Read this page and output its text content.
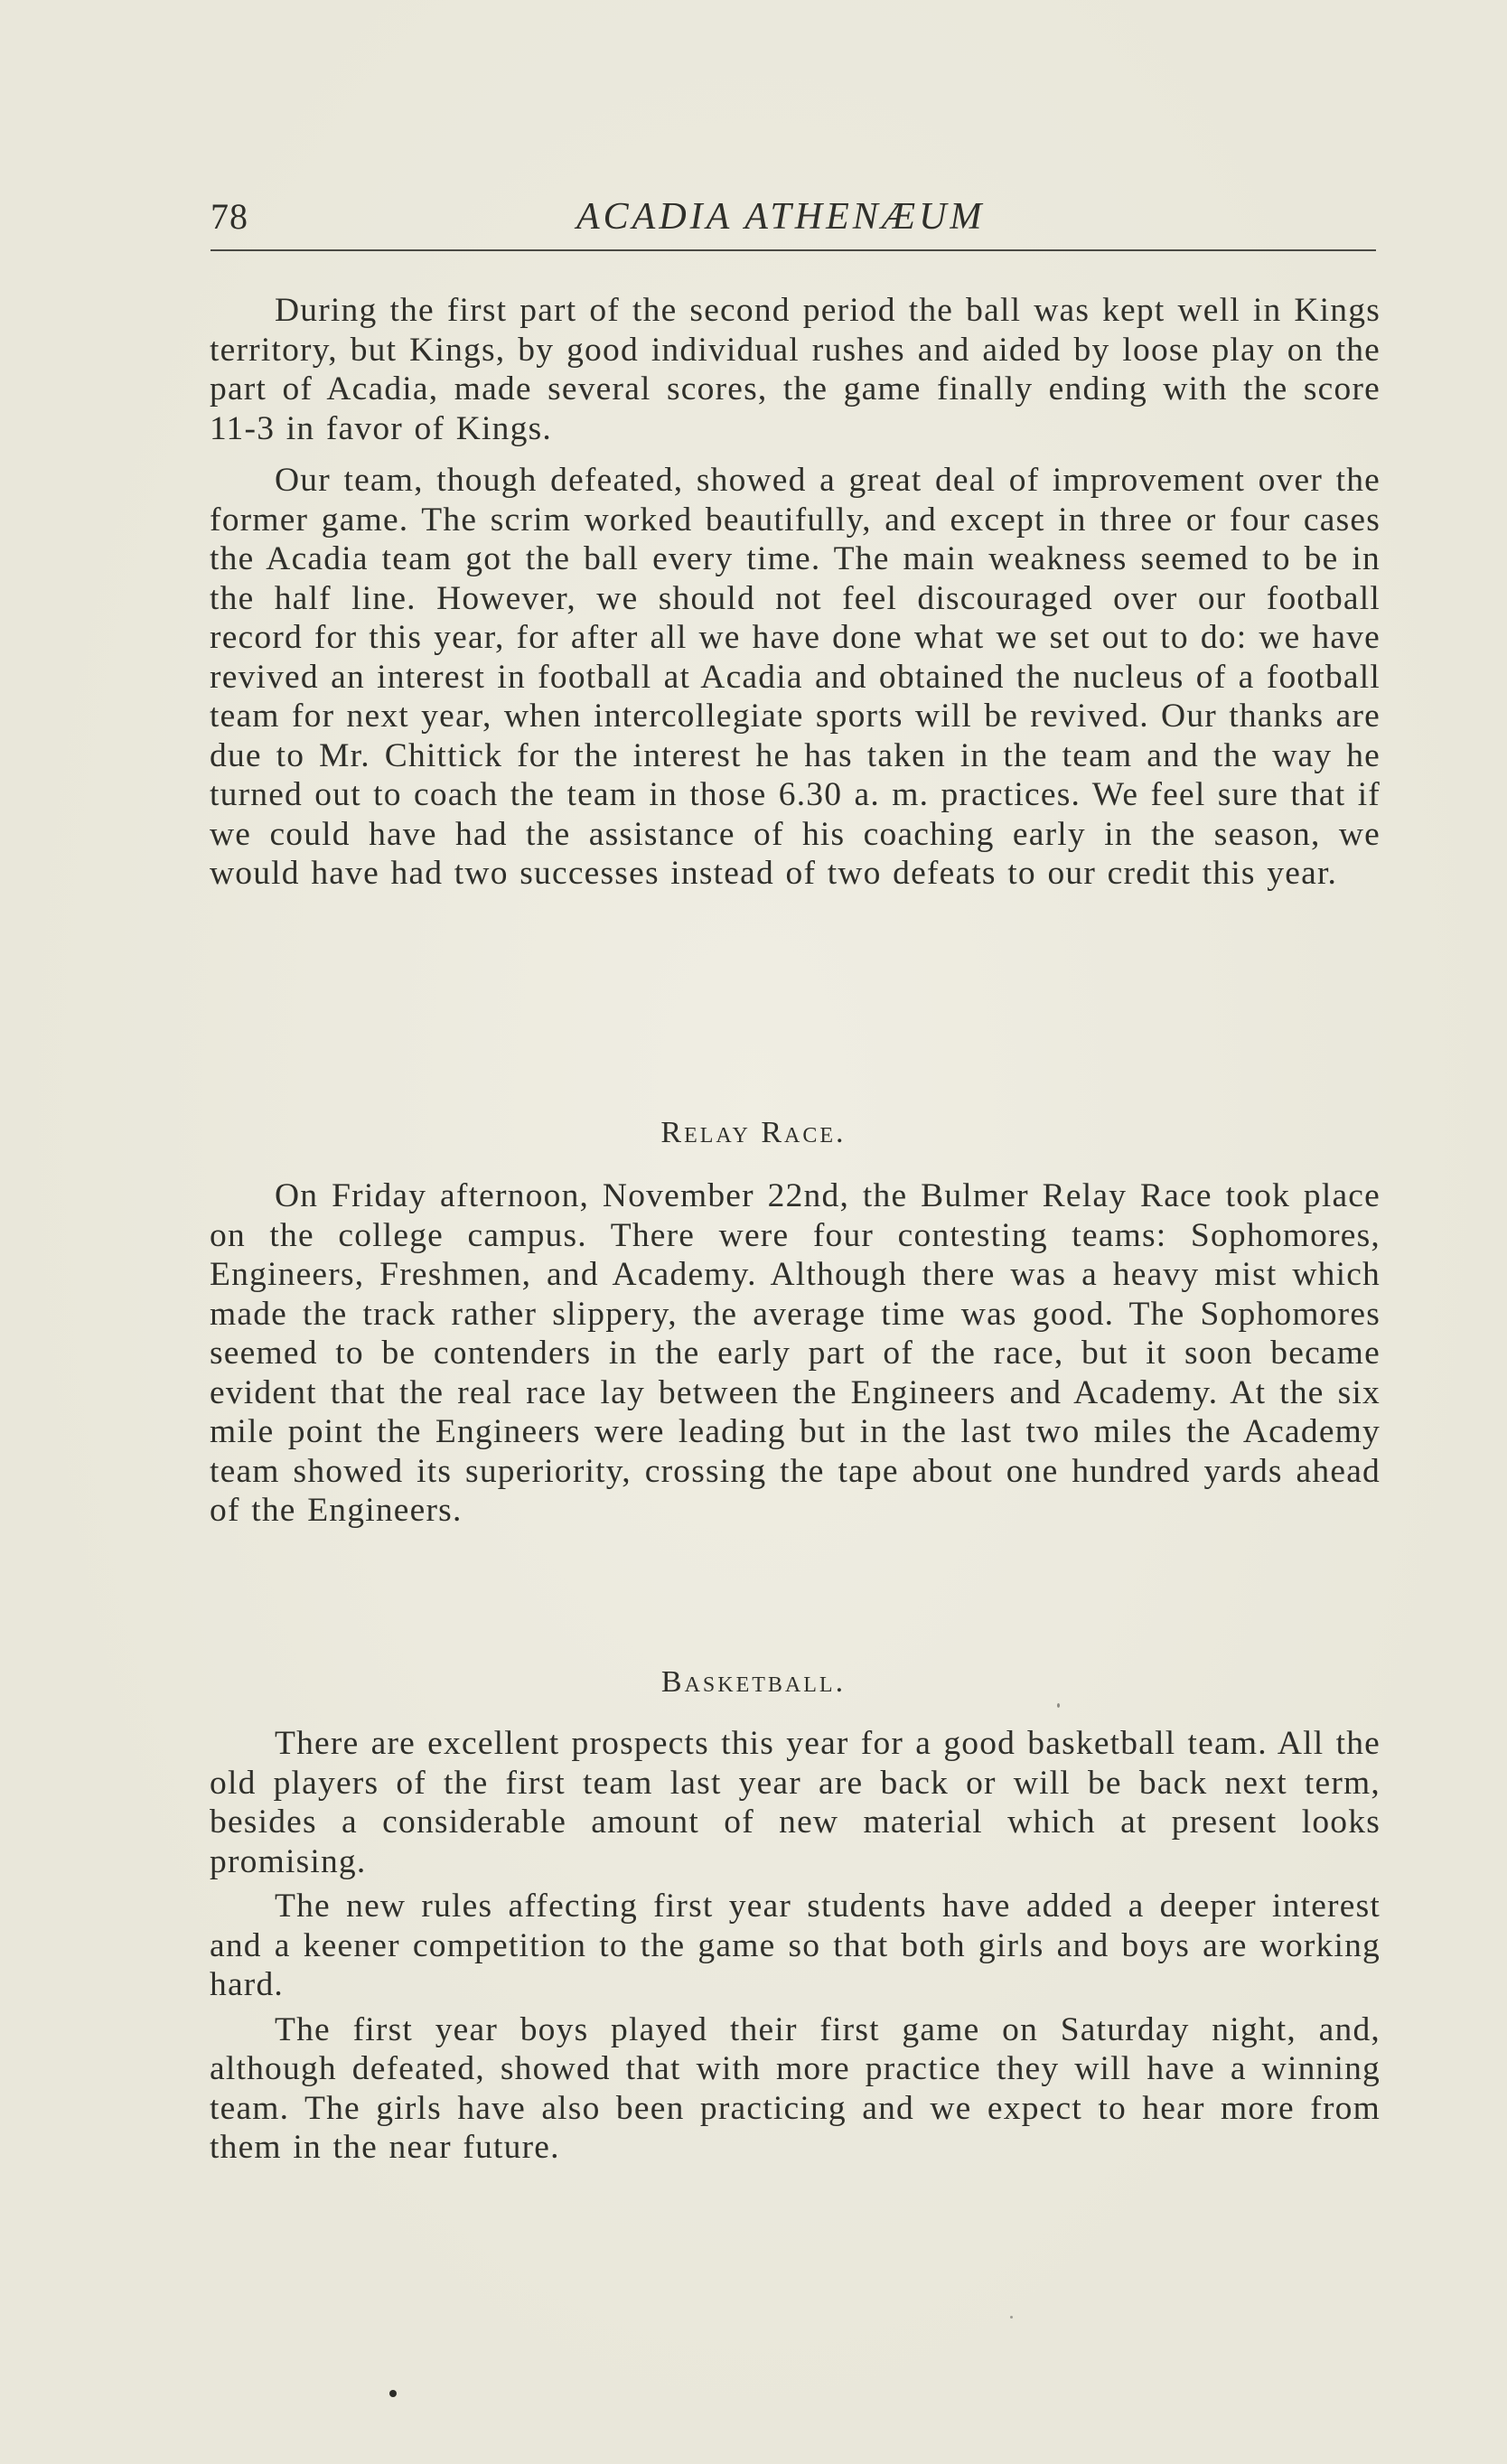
78	ACADIA ATHENÆUM

During the first part of the second period the ball was kept well in Kings territory, but Kings, by good individual rushes and aided by loose play on the part of Acadia, made several scores, the game finally ending with the score 11-3 in favor of Kings.

Our team, though defeated, showed a great deal of improvement over the former game. The scrim worked beautifully, and except in three or four cases the Acadia team got the ball every time. The main weakness seemed to be in the half line. However, we should not feel discouraged over our football record for this year, for after all we have done what we set out to do: we have revived an interest in football at Acadia and obtained the nucleus of a football team for next year, when intercollegiate sports will be revived. Our thanks are due to Mr. Chittick for the interest he has taken in the team and the way he turned out to coach the team in those 6.30 a. m. practices. We feel sure that if we could have had the assistance of his coaching early in the season, we would have had two successes instead of two defeats to our credit this year.

Relay Race.

On Friday afternoon, November 22nd, the Bulmer Relay Race took place on the college campus. There were four contesting teams: Sophomores, Engineers, Freshmen, and Academy. Although there was a heavy mist which made the track rather slippery, the average time was good. The Sophomores seemed to be contenders in the early part of the race, but it soon became evident that the real race lay between the Engineers and Academy. At the six mile point the Engineers were leading but in the last two miles the Academy team showed its superiority, crossing the tape about one hundred yards ahead of the Engineers.

Basketball.

There are excellent prospects this year for a good basketball team. All the old players of the first team last year are back or will be back next term, besides a considerable amount of new material which at present looks promising.

The new rules affecting first year students have added a deeper interest and a keener competition to the game so that both girls and boys are working hard.

The first year boys played their first game on Saturday night, and, although defeated, showed that with more practice they will have a winning team. The girls have also been practicing and we expect to hear more from them in the near future.
